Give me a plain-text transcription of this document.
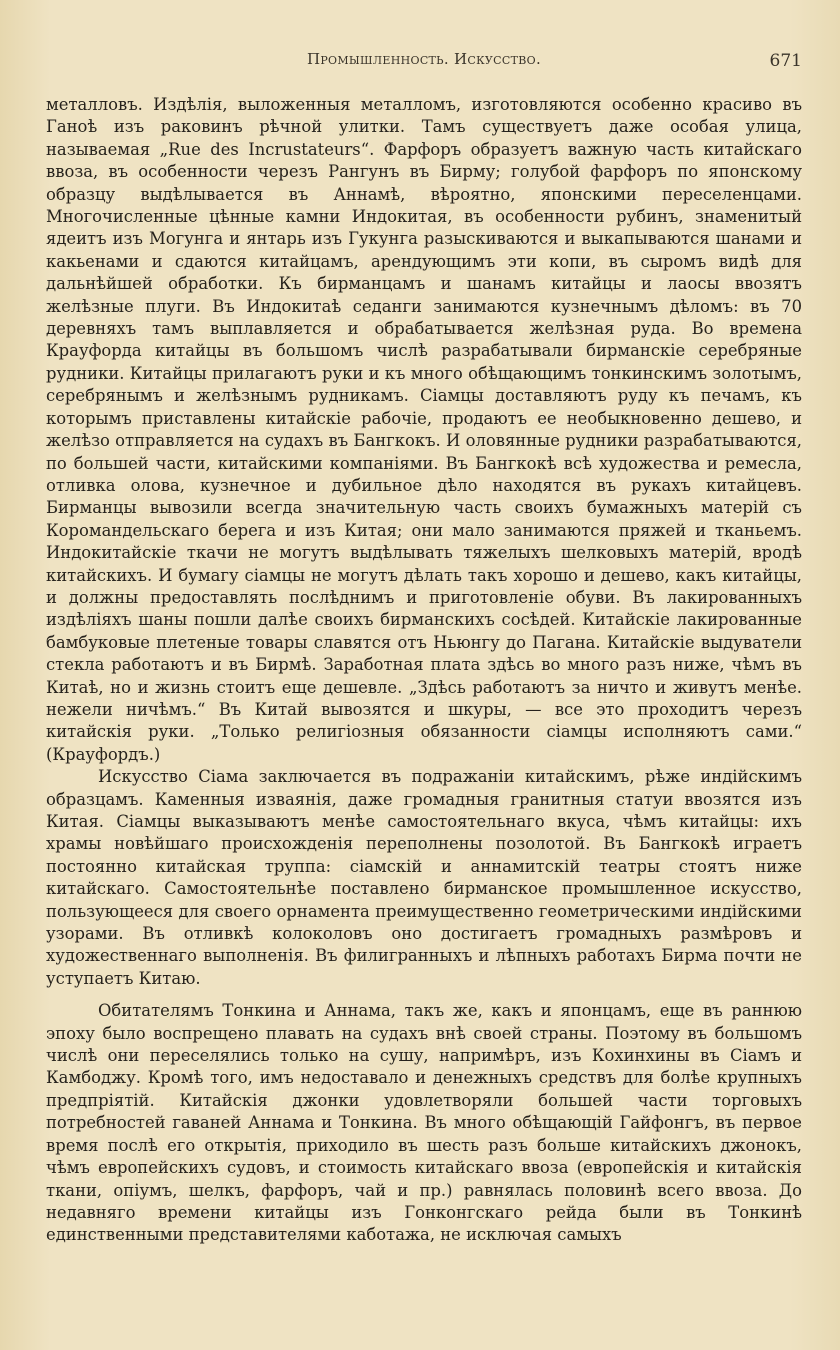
Промышленность. Искусство.	671

металловъ. Издѣлія, выложенныя металломъ, изготовляются особенно красиво въ Ганоѣ изъ раковинъ рѣчной улитки. Тамъ существуетъ даже особая улица, называемая „Rue des Incrustateurs“. Фарфоръ образуетъ важную часть китайскаго ввоза, въ особенности черезъ Рангунъ въ Бирму; голубой фарфоръ по японскому образцу выдѣлывается въ Аннамѣ, вѣроятно, японскими переселенцами. Многочисленные цѣнные камни Индокитая, въ особенности рубинъ, знаменитый ядеитъ изъ Могунга и янтарь изъ Гукунга разыскиваются и выкапываются шанами и какьенами и сдаются китайцамъ, арендующимъ эти копи, въ сыромъ видѣ для дальнѣйшей обработки. Къ бирманцамъ и шанамъ китайцы и лаосы ввозятъ желѣзные плуги. Въ Индокитаѣ седанги занимаются кузнечнымъ дѣломъ: въ 70 деревняхъ тамъ выплавляется и обрабатывается желѣзная руда. Во времена Крауфорда китайцы въ большомъ числѣ разрабатывали бирманскіе серебряные рудники. Китайцы прилагаютъ руки и къ много обѣщающимъ тонкинскимъ золотымъ, серебрянымъ и желѣзнымъ рудникамъ. Сіамцы доставляютъ руду къ печамъ, къ которымъ приставлены китайскіе рабочіе, продаютъ ее необыкновенно дешево, и желѣзо отправляется на судахъ въ Бангкокъ. И оловянные рудники разрабатываются, по большей части, китайскими компаніями. Въ Бангкокѣ всѣ художества и ремесла, отливка олова, кузнечное и дубильное дѣло находятся въ рукахъ китайцевъ. Бирманцы вывозили всегда значительную часть своихъ бумажныхъ матерій съ Коромандельскаго берега и изъ Китая; они мало занимаются пряжей и тканьемъ. Индокитайскіе ткачи не могутъ выдѣлывать тяжелыхъ шелковыхъ матерій, вродѣ китайскихъ. И бумагу сіамцы не могутъ дѣлать такъ хорошо и дешево, какъ китайцы, и должны предоставлять послѣднимъ и приготовленіе обуви. Въ лакированныхъ издѣліяхъ шаны пошли далѣе своихъ бирманскихъ сосѣдей. Китайскіе лакированные бамбуковые плетеные товары славятся отъ Ньюнгу до Пагана. Китайскіе выдуватели стекла работаютъ и въ Бирмѣ. Заработная плата здѣсь во много разъ ниже, чѣмъ въ Китаѣ, но и жизнь стоитъ еще дешевле. „Здѣсь работаютъ за ничто и живутъ менѣе. нежели ничѣмъ.“ Въ Китай вывозятся и шкуры, — все это проходитъ черезъ китайскія руки. „Только религіозныя обязанности сіамцы исполняютъ сами.“ (Крауфордъ.)

Искусство Сіама заключается въ подражаніи китайскимъ, рѣже индійскимъ образцамъ. Каменныя изваянія, даже громадныя гранитныя статуи ввозятся изъ Китая. Сіамцы выказываютъ менѣе самостоятельнаго вкуса, чѣмъ китайцы: ихъ храмы новѣйшаго происхожденія переполнены позолотой. Въ Бангкокѣ играетъ постоянно китайская труппа: сіамскій и аннамитскій театры стоятъ ниже китайскаго. Самостоятельнѣе поставлено бирманское промышленное искусство, пользующееся для своего орнамента преимущественно геометрическими индійскими узорами. Въ отливкѣ колоколовъ оно достигаетъ громадныхъ размѣровъ и художественнаго выполненія. Въ филигранныхъ и лѣпныхъ работахъ Бирма почти не уступаетъ Китаю.

Обитателямъ Тонкина и Аннама, такъ же, какъ и японцамъ, еще въ раннюю эпоху было воспрещено плавать на судахъ внѣ своей страны. Поэтому въ большомъ числѣ они переселялись только на сушу, напримѣръ, изъ Кохинхины въ Сіамъ и Камбоджу. Кромѣ того, имъ недоставало и денежныхъ средствъ для болѣе крупныхъ предпріятій. Китайскія джонки удовлетворяли большей части торговыхъ потребностей гаваней Аннама и Тонкина. Въ много обѣщающій Гайфонгъ, въ первое время послѣ его открытія, приходило въ шесть разъ больше китайскихъ джонокъ, чѣмъ европейскихъ судовъ, и стоимость китайскаго ввоза (европейскія и китайскія ткани, опіумъ, шелкъ, фарфоръ, чай и пр.) равнялась половинѣ всего ввоза. До недавняго времени китайцы изъ Гонконгскаго рейда были въ Тонкинѣ единственными представителями каботажа, не исключая самыхъ
